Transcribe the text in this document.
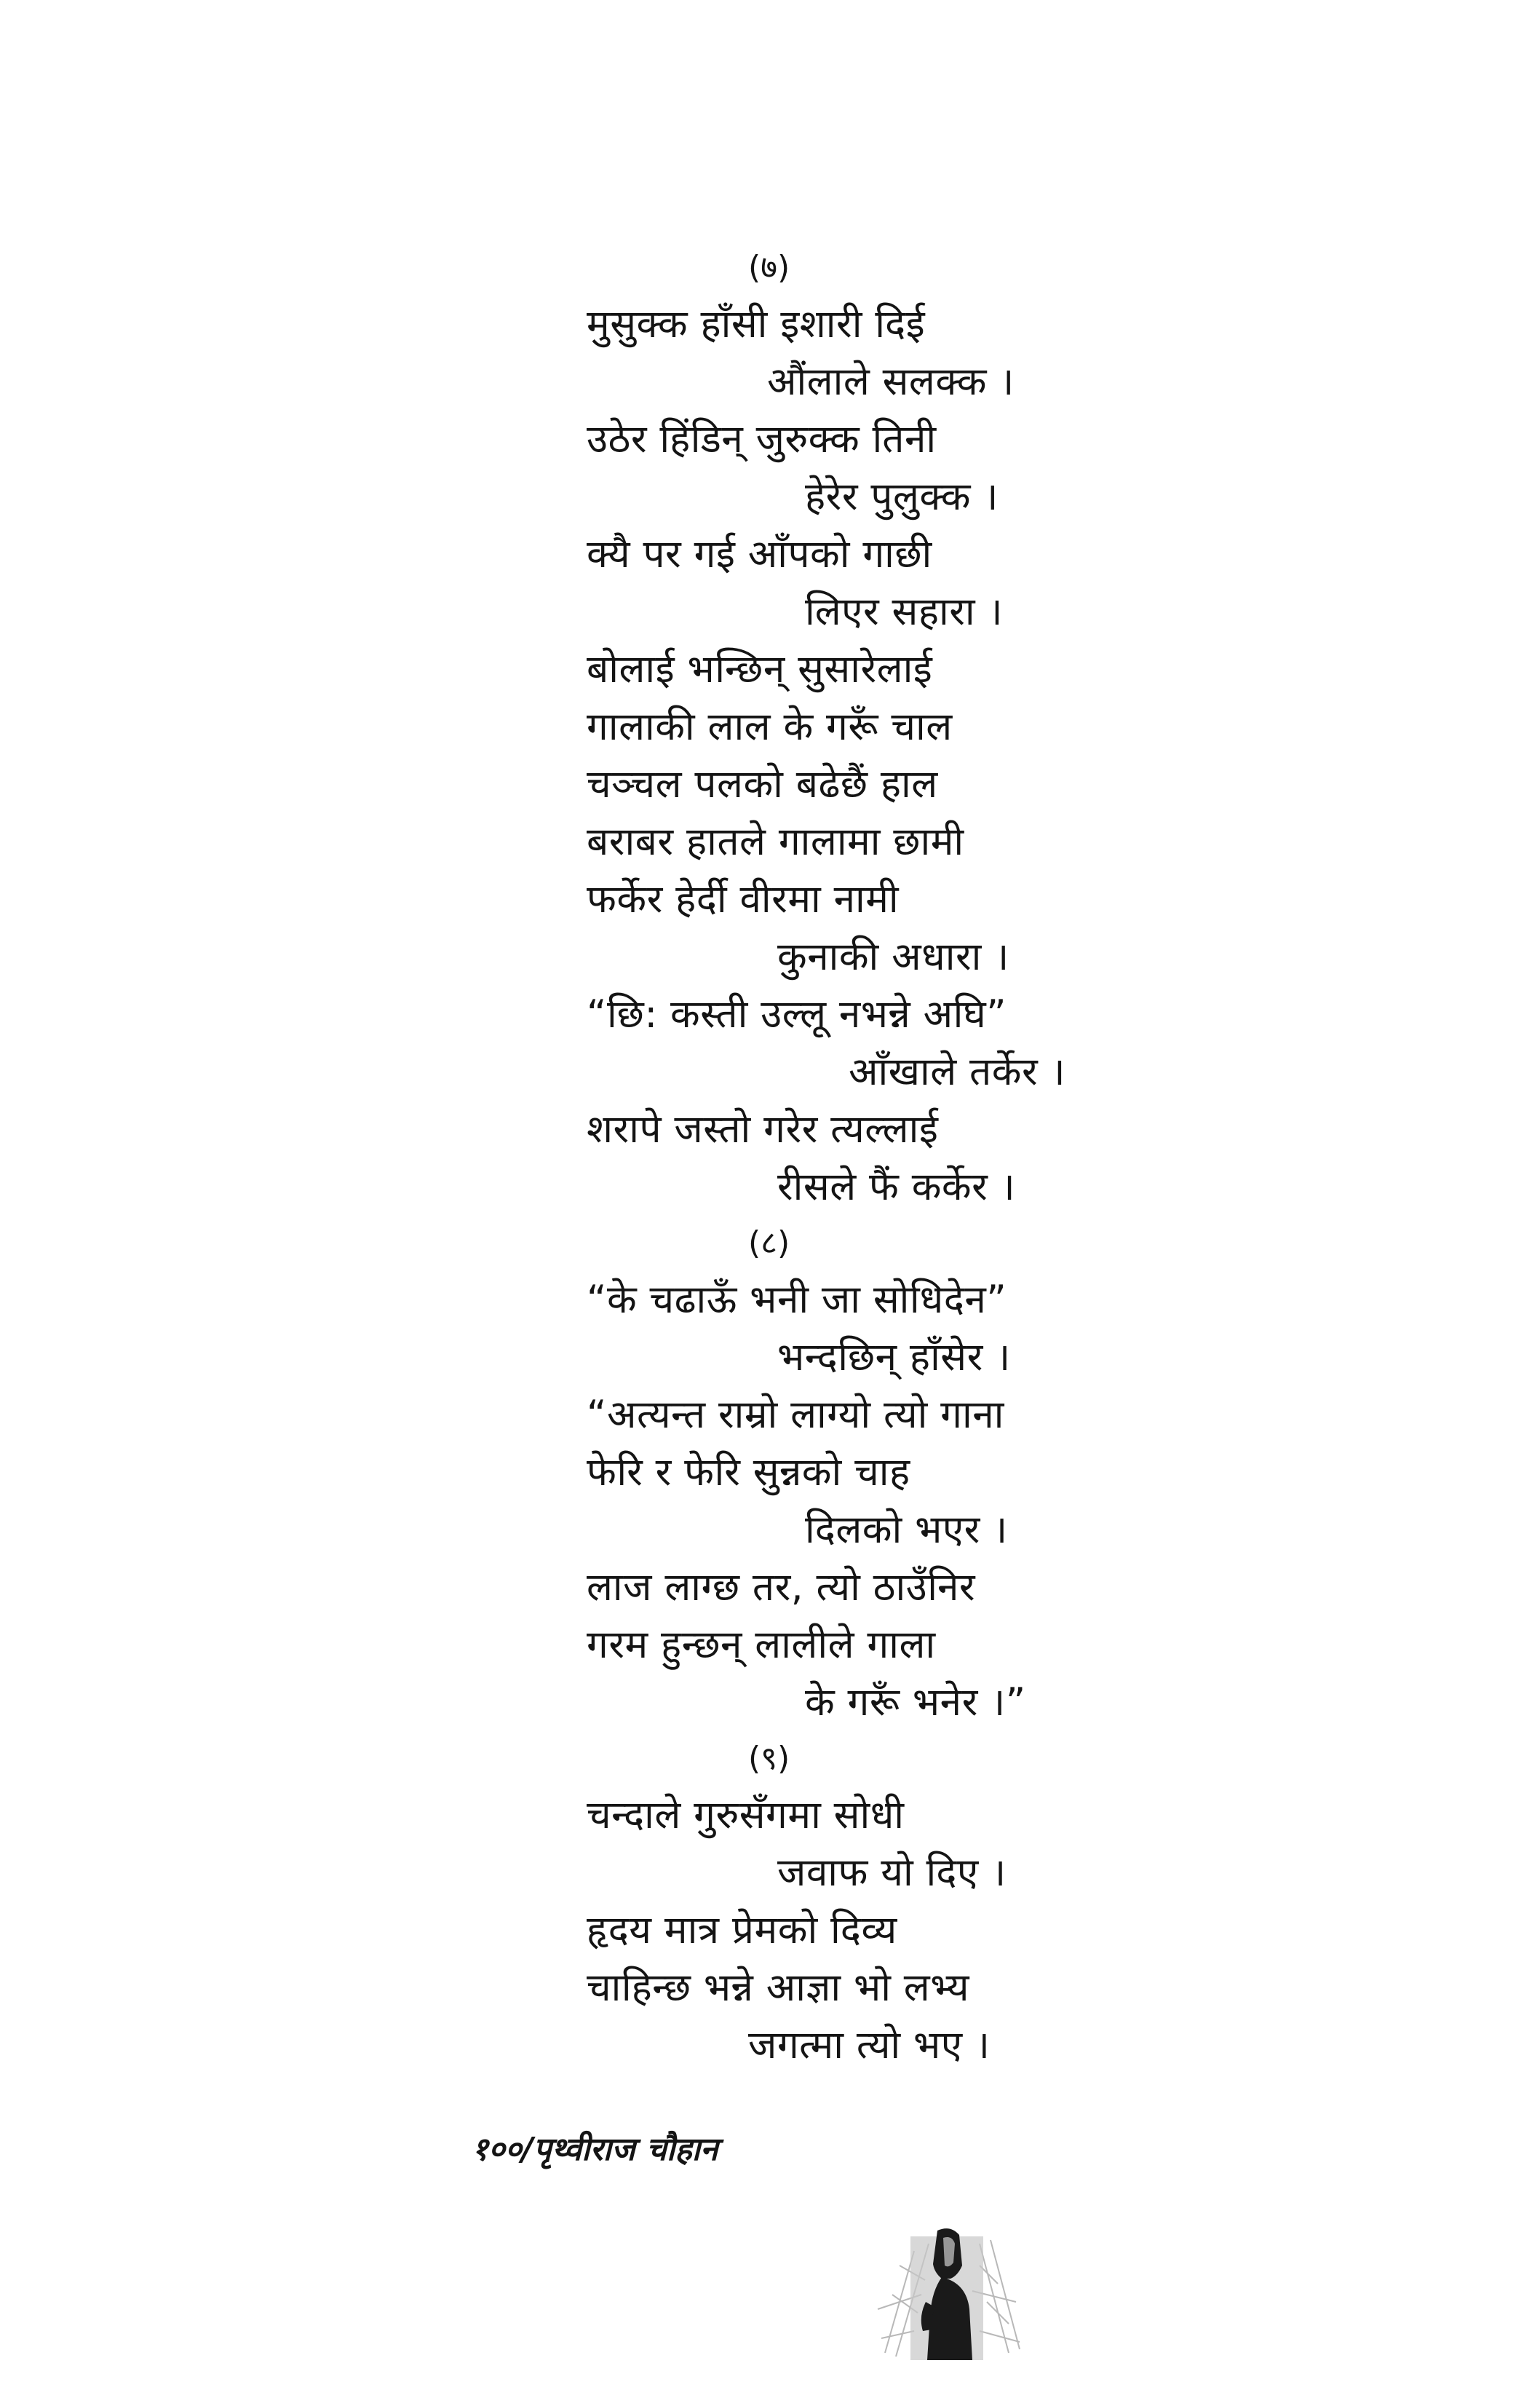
(७)
मुसुक्क हाँसी इशारी दिई
औंलाले सलक्क ।
उठेर हिंडिन् जुरुक्क तिनी
हेरेर पुलुक्क ।
क्यै पर गई आँपको गाछी
लिएर सहारा ।
बोलाई भन्छिन् सुसारेलाई
गालाकी लाल के गरूँ चाल
चञ्चल पलको बढेछैं हाल
बराबर हातले गालामा छामी
फर्केर हेर्दी वीरमा नामी
कुनाकी अधारा ।
“छि: कस्ती उल्लू नभन्ने अघि”
आँखाले तर्केर ।
शरापे जस्तो गरेर त्यल्लाई
रीसले फैं कर्केर ।
(८)
“के चढाऊँ भनी जा सोधिदेन”
भन्दछिन् हाँसेर ।
“अत्यन्त राम्रो लाग्यो त्यो गाना
फेरि र फेरि सुन्नको चाह
दिलको भएर ।
लाज लाग्छ तर, त्यो ठाउँनिर
गरम हुन्छन् लालीले गाला
के गरूँ भनेर ।”
(९)
चन्दाले गुरुसँगमा सोधी
जवाफ यो दिए ।
हृदय मात्र प्रेमको दिव्य
चाहिन्छ भन्ने आज्ञा भो लभ्य
जगत्मा त्यो भए ।
१००/पृथ्वीराज चौहान
